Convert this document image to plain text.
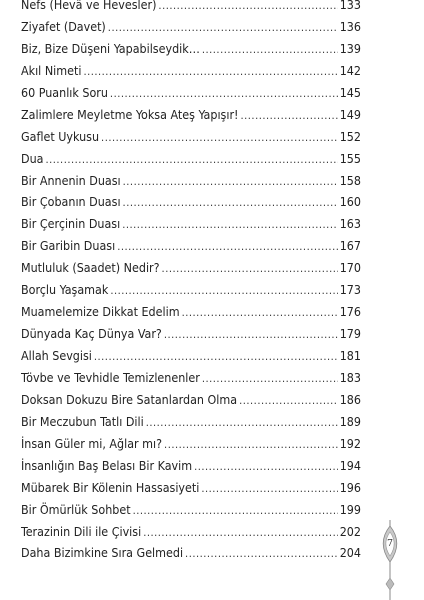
Nefs (Hevâ ve Hevesler) .....	133
Ziyafet (Davet) .....	136
Biz, Bize Düşeni Yapabilseydik… .....	139
Akıl Nimeti .....	142
60 Puanlık Soru .....	145
Zalimlere Meyletme Yoksa Ateş Yapışır! .....	149
Gaflet Uykusu .....	152
Dua .....	155
Bir Annenin Duası .....	158
Bir Çobanın Duası .....	160
Bir Çerçinin Duası .....	163
Bir Garibin Duası .....	167
Mutluluk (Saadet) Nedir? .....	170
Borçlu Yaşamak .....	173
Muamelemize Dikkat Edelim .....	176
Dünyada Kaç Dünya Var? .....	179
Allah Sevgisi .....	181
Tövbe ve Tevhidle Temizlenenler .....	183
Doksan Dokuzu Bire Satanlardan Olma .....	186
Bir Meczubun Tatlı Dili .....	189
İnsan Güler mi, Ağlar mı? .....	192
İnsanlığın Baş Belası Bir Kavim .....	194
Mübarek Bir Kölenin Hassasiyeti .....	196
Bir Ömürlük Sohbet .....	199
Terazinin Dili ile Çivisi .....	202
Daha Bizimkine Sıra Gelmedi .....	204
7
